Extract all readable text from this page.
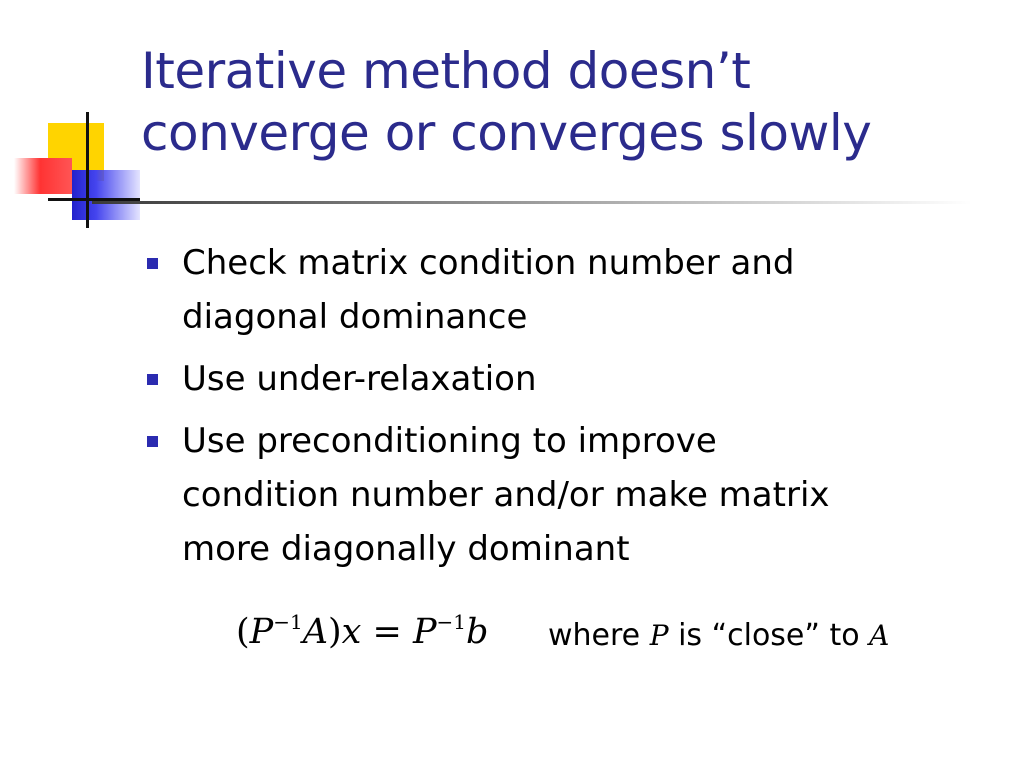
Iterative method doesn’t
converge or converges slowly
Check matrix condition number and
diagonal dominance
Use under-relaxation
Use preconditioning to improve
condition number and/or make matrix
more diagonally dominant
$(P^{-1}A)x = P^{-1}b$ where P is “close” to A
